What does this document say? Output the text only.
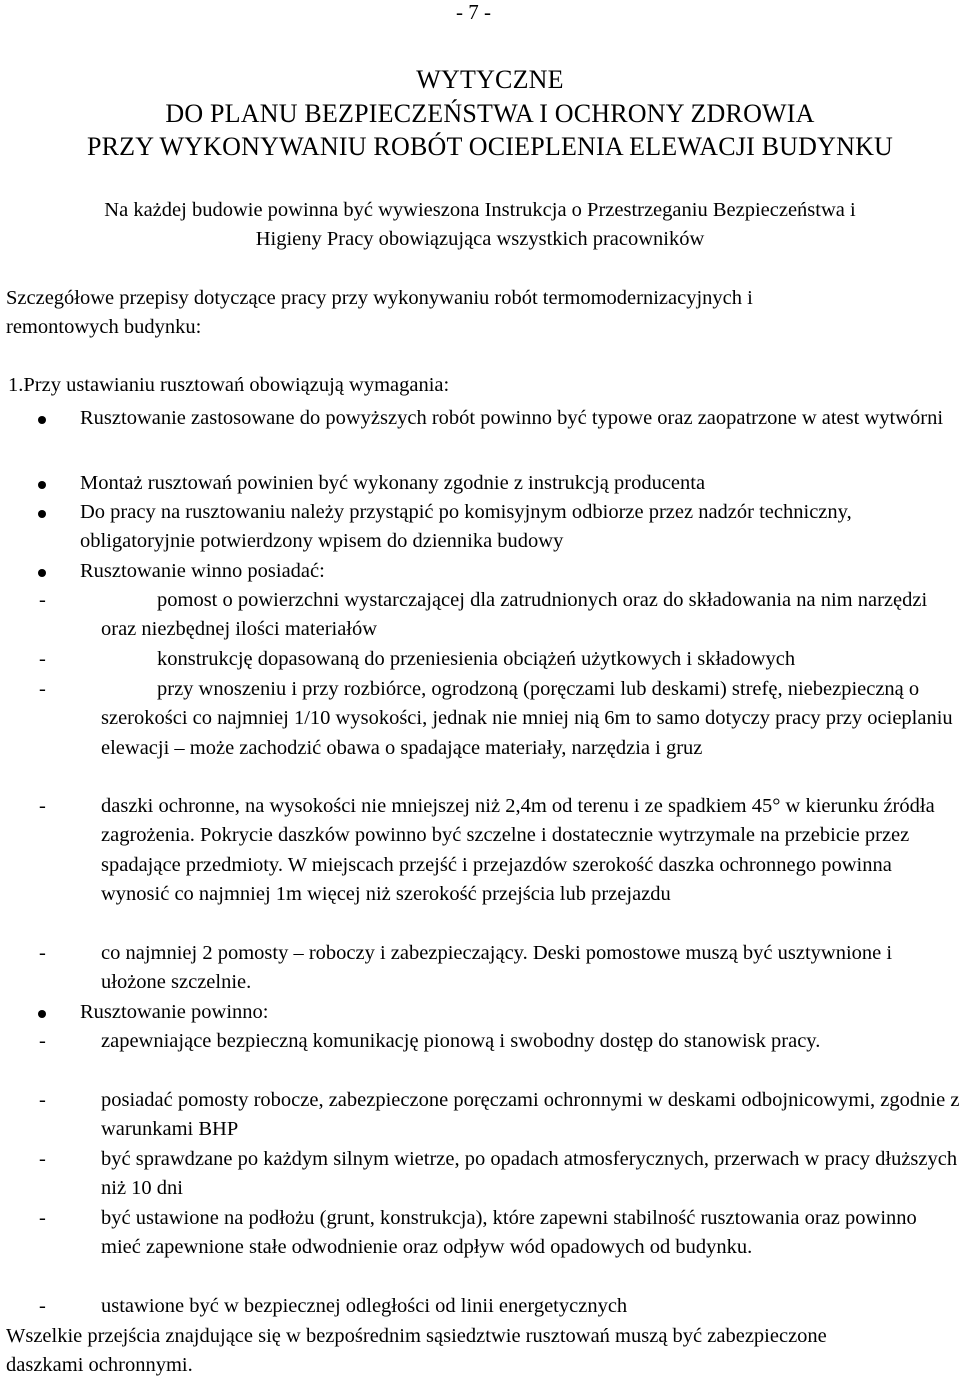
- 7 -
WYTYCZNE
DO PLANU BEZPIECZEŃSTWA I OCHRONY ZDROWIA
PRZY WYKONYWANIU ROBÓT OCIEPLENIA ELEWACJI BUDYNKU
Na każdej budowie powinna być wywieszona Instrukcja o Przestrzeganiu Bezpieczeństwa i
Higieny Pracy obowiązująca wszystkich pracowników
Szczegółowe przepisy dotyczące pracy przy wykonywaniu robót termomodernizacyjnych i
remontowych budynku:
1.Przy ustawianiu rusztowań obowiązują wymagania:
Rusztowanie zastosowane do powyższych robót powinno być typowe oraz zaopatrzone w atest wytwórni
Montaż rusztowań powinien być wykonany zgodnie z instrukcją producenta
Do pracy na rusztowaniu należy przystąpić po komisyjnym odbiorze przez nadzór techniczny, obligatoryjnie potwierdzony wpisem do dziennika budowy
Rusztowanie winno posiadać:
-	pomost o powierzchni wystarczającej dla zatrudnionych oraz do składowania na nim narzędzi oraz niezbędnej ilości materiałów
-	konstrukcję dopasowaną do przeniesienia obciążeń użytkowych i składowych
-	przy wnoszeniu i przy rozbiórce, ogrodzoną (poręczami lub deskami) strefę, niebezpieczną o szerokości co najmniej 1/10 wysokości, jednak nie mniej nią 6m to samo dotyczy pracy przy ocieplaniu elewacji – może zachodzić obawa o spadające materiały, narzędzia i gruz
-	daszki ochronne, na wysokości nie mniejszej niż 2,4m od terenu i ze spadkiem 45° w kierunku źródła zagrożenia. Pokrycie daszków powinno być szczelne i dostatecznie wytrzymale na przebicie przez spadające przedmioty. W miejscach przejść i przejazdów szerokość daszka ochronnego powinna wynosić co najmniej 1m więcej niż szerokość przejścia lub przejazdu
-	co najmniej 2 pomosty – roboczy i zabezpieczający. Deski pomostowe muszą być usztywnione i ułożone szczelnie.
Rusztowanie powinno:
-	zapewniające bezpieczną komunikację pionową i swobodny dostęp do stanowisk pracy.
-	posiadać pomosty robocze, zabezpieczone poręczami ochronnymi w deskami odbojnicowymi, zgodnie z warunkami BHP
-	być sprawdzane po każdym silnym wietrze, po opadach atmosferycznych, przerwach w pracy dłuższych niż 10 dni
-	być ustawione na podłożu (grunt, konstrukcja), które zapewni stabilność rusztowania oraz powinno mieć zapewnione stałe odwodnienie oraz odpływ wód opadowych od budynku.
-	ustawione być w bezpiecznej odległości od linii energetycznych
Wszelkie przejścia znajdujące się w bezpośrednim sąsiedztwie rusztowań muszą być zabezpieczone daszkami ochronnymi.
